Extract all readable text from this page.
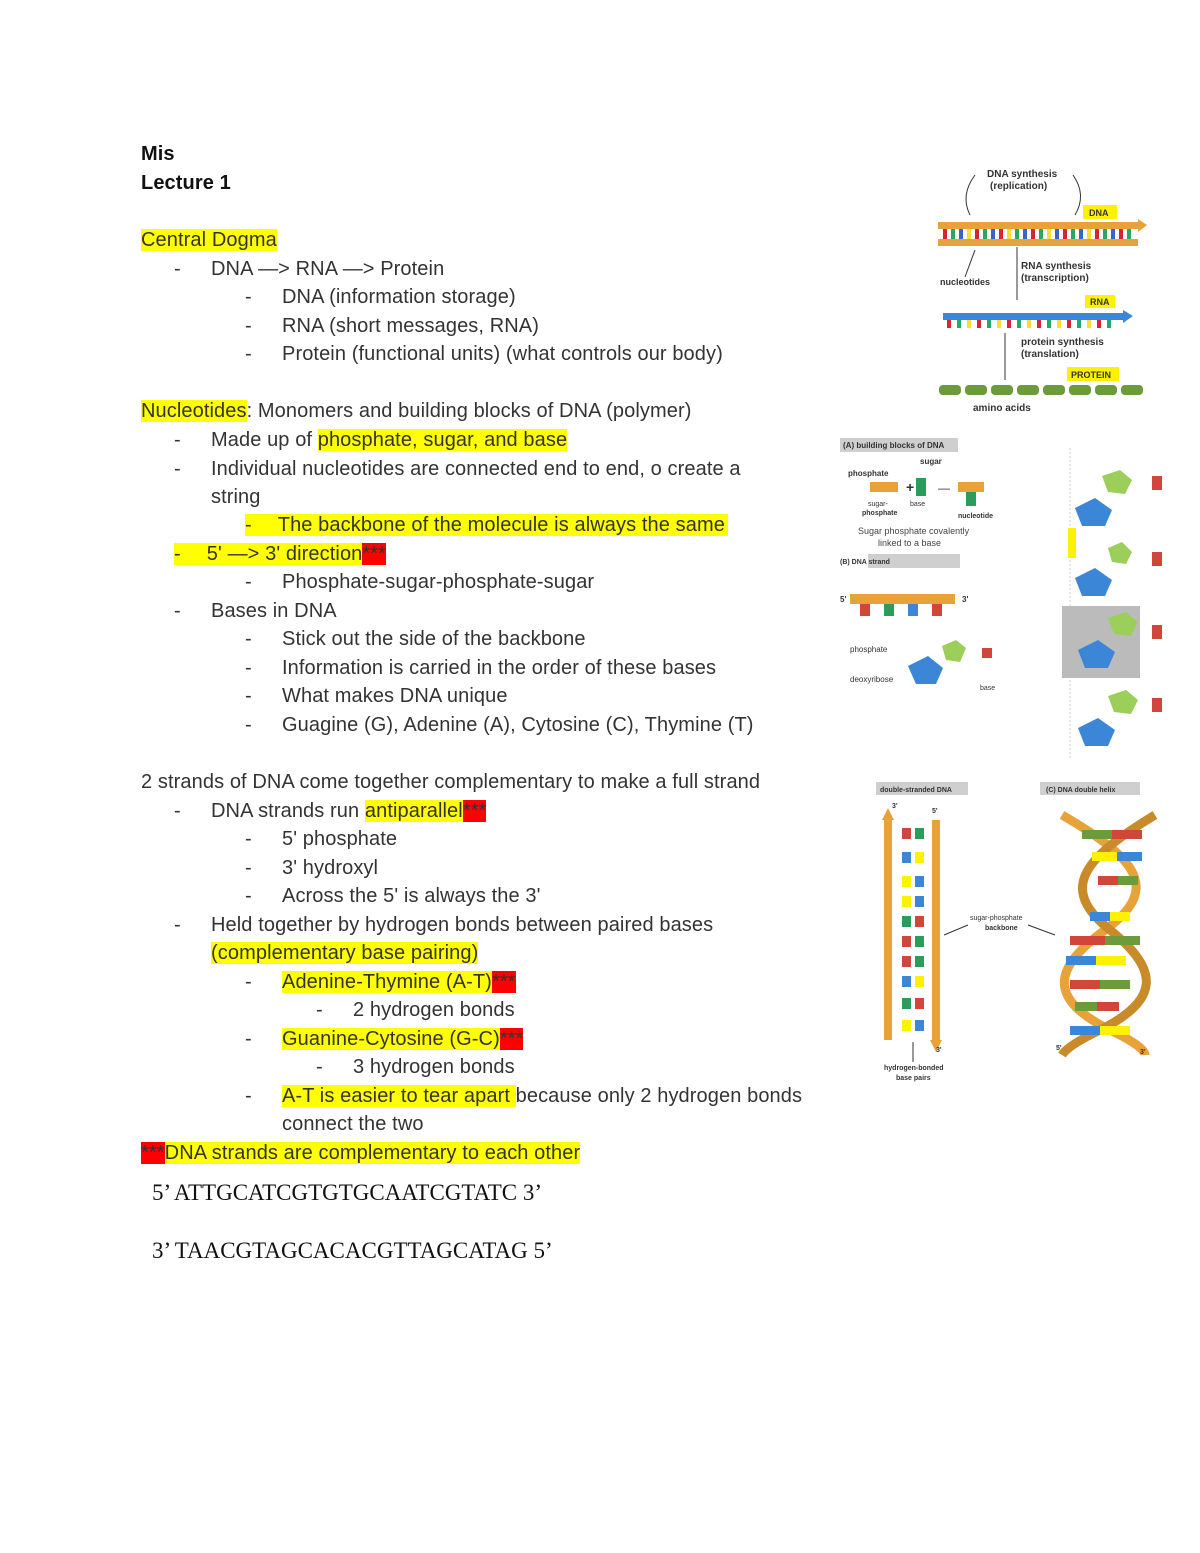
Mis
Lecture 1
Central Dogma
- DNA —> RNA —> Protein
- DNA (information storage)
- RNA (short messages, RNA)
- Protein (functional units) (what controls our body)
Nucleotides: Monomers and building blocks of DNA (polymer)
- Made up of phosphate, sugar, and base
- Individual nucleotides are connected end to end, o create a
string
- The backbone of the molecule is always the same
- 5' —> 3' direction***
- Phosphate-sugar-phosphate-sugar
- Bases in DNA
- Stick out the side of the backbone
- Information is carried in the order of these bases
- What makes DNA unique
- Guagine (G), Adenine (A), Cytosine (C), Thymine (T)
2 strands of DNA come together complementary to make a full strand
- DNA strands run antiparallel***
- 5' phosphate
- 3' hydroxyl
- Across the 5' is always the 3'
- Held together by hydrogen bonds between paired bases
(complementary base pairing)
- Adenine-Thymine (A-T)***
- 2 hydrogen bonds
- Guanine-Cytosine (G-C)***
- 3 hydrogen bonds
- A-T is easier to tear apart because only 2 hydrogen bonds
connect the two
***DNA strands are complementary to each other
5’ ATTGCATCGTGTGCAATCGTATC 3’
3’ TAACGTAGCACACGTTAGCATAG 5’
DNA synthesis
(replication)
DNA
nucleotides
RNA synthesis
(transcription)
RNA
protein synthesis
(translation)
PROTEIN
amino acids
(A) building blocks of DNA
sugar
phosphate
+ —
sugar-
phosphate
base
nucleotide
Sugar phosphate covalently
linked to a base
(B) DNA strand
5'	3'
phosphate
deoxyribose
base
double-stranded DNA	(C) DNA double helix
3'
5'
3'
sugar-phosphate
backbone
hydrogen-bonded
base pairs
5'
3'
